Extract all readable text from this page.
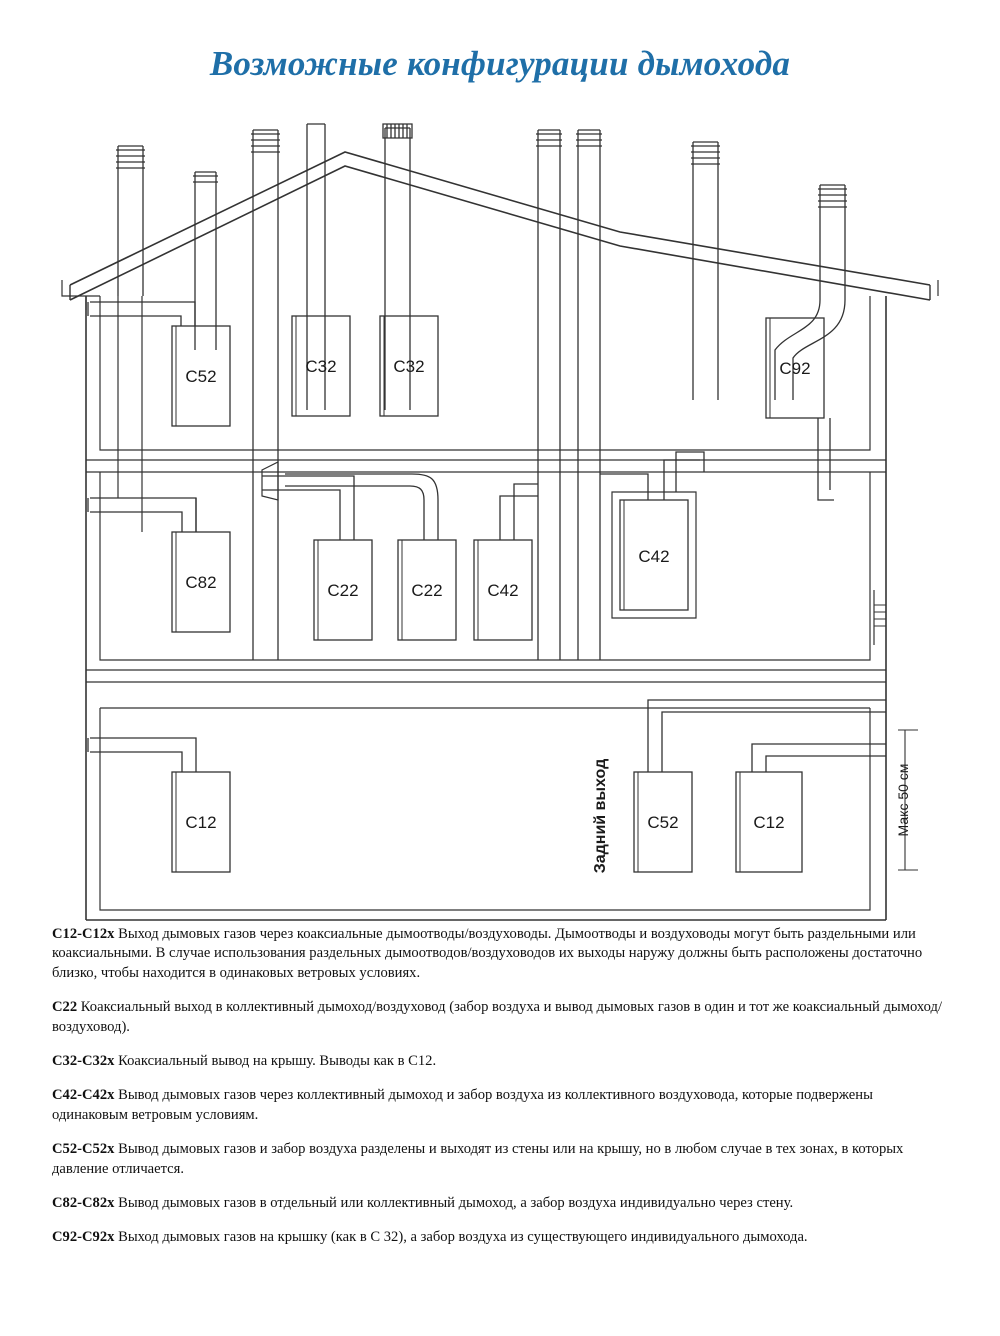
Возможные конфигурации дымохода
C52
C32	C32	C92
C82	C22	C22	C42
C42
C12	C52	C12
Задний выход	Макс 50 см
C12-C12x Выход дымовых газов через коаксиальные дымоотводы/воздуховоды. Дымоотводы и воздуховоды могут быть раздельными или коаксиальными. В случае использования раздельных дымоотводов/воздуховодов их выходы наружу должны быть расположены достаточно близко, чтобы находится в одинаковых ветровых условиях.
C22 Коаксиальный выход в коллективный дымоход/воздуховод (забор воздуха и вывод дымовых газов в один и тот же коаксиальный дымоход/воздуховод).
C32-C32x Коаксиальный вывод на крышу. Выводы как в С12.
C42-C42x Вывод дымовых газов через коллективный дымоход и забор воздуха из коллективного воздуховода, которые подвержены одинаковым ветровым условиям.
C52-C52x Вывод дымовых газов и забор воздуха разделены и выходят из стены или на крышу, но в любом случае в тех зонах, в которых давление отличается.
C82-C82x Вывод дымовых газов в отдельный или коллективный дымоход, а забор воздуха индивидуально через стену.
C92-C92x Выход дымовых газов на крышку (как в С 32), а забор воздуха из существующего индивидуального дымохода.
